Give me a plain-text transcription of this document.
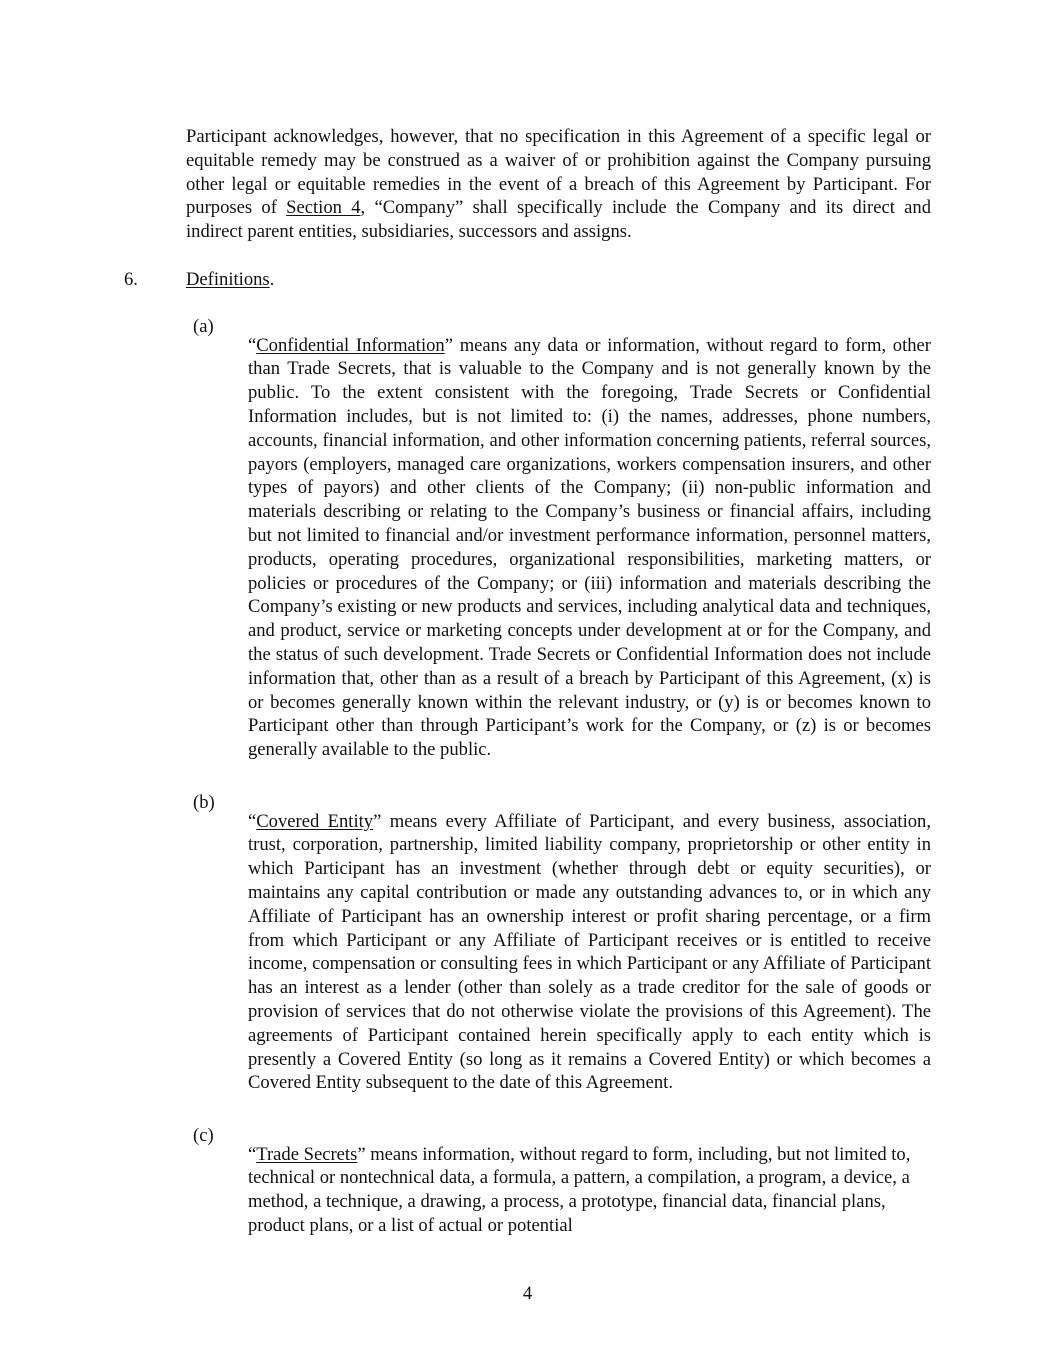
Participant acknowledges, however, that no specification in this Agreement of a specific legal or equitable remedy may be construed as a waiver of or prohibition against the Company pursuing other legal or equitable remedies in the event of a breach of this Agreement by Participant. For purposes of Section 4, “Company” shall specifically include the Company and its direct and indirect parent entities, subsidiaries, successors and assigns.

6.	Definitions.
(a)

“Confidential Information” means any data or information, without regard to form, other than Trade Secrets, that is valuable to the Company and is not generally known by the public. To the extent consistent with the foregoing, Trade Secrets or Confidential Information includes, but is not limited to: (i) the names, addresses, phone numbers, accounts, financial information, and other information concerning patients, referral sources, payors (employers, managed care organizations, workers compensation insurers, and other types of payors) and other clients of the Company; (ii) non-public information and materials describing or relating to the Company’s business or financial affairs, including but not limited to financial and/or investment performance information, personnel matters, products, operating procedures, organizational responsibilities, marketing matters, or policies or procedures of the Company; or (iii) information and materials describing the Company’s existing or new products and services, including analytical data and techniques, and product, service or marketing concepts under development at or for the Company, and the status of such development. Trade Secrets or Confidential Information does not include information that, other than as a result of a breach by Participant of this Agreement, (x) is or becomes generally known within the relevant industry, or (y) is or becomes known to Participant other than through Participant’s work for the Company, or (z) is or becomes generally available to the public.

(b)

“Covered Entity” means every Affiliate of Participant, and every business, association, trust, corporation, partnership, limited liability company, proprietorship or other entity in which Participant has an investment (whether through debt or equity securities), or maintains any capital contribution or made any outstanding advances to, or in which any Affiliate of Participant has an ownership interest or profit sharing percentage, or a firm from which Participant or any Affiliate of Participant receives or is entitled to receive income, compensation or consulting fees in which Participant or any Affiliate of Participant has an interest as a lender (other than solely as a trade creditor for the sale of goods or provision of services that do not otherwise violate the provisions of this Agreement). The agreements of Participant contained herein specifically apply to each entity which is presently a Covered Entity (so long as it remains a Covered Entity) or which becomes a Covered Entity subsequent to the date of this Agreement.

(c)

“Trade Secrets” means information, without regard to form, including, but not limited to, technical or nontechnical data, a formula, a pattern, a compilation, a program, a device, a method, a technique, a drawing, a process, a prototype, financial data, financial plans, product plans, or a list of actual or potential

4
